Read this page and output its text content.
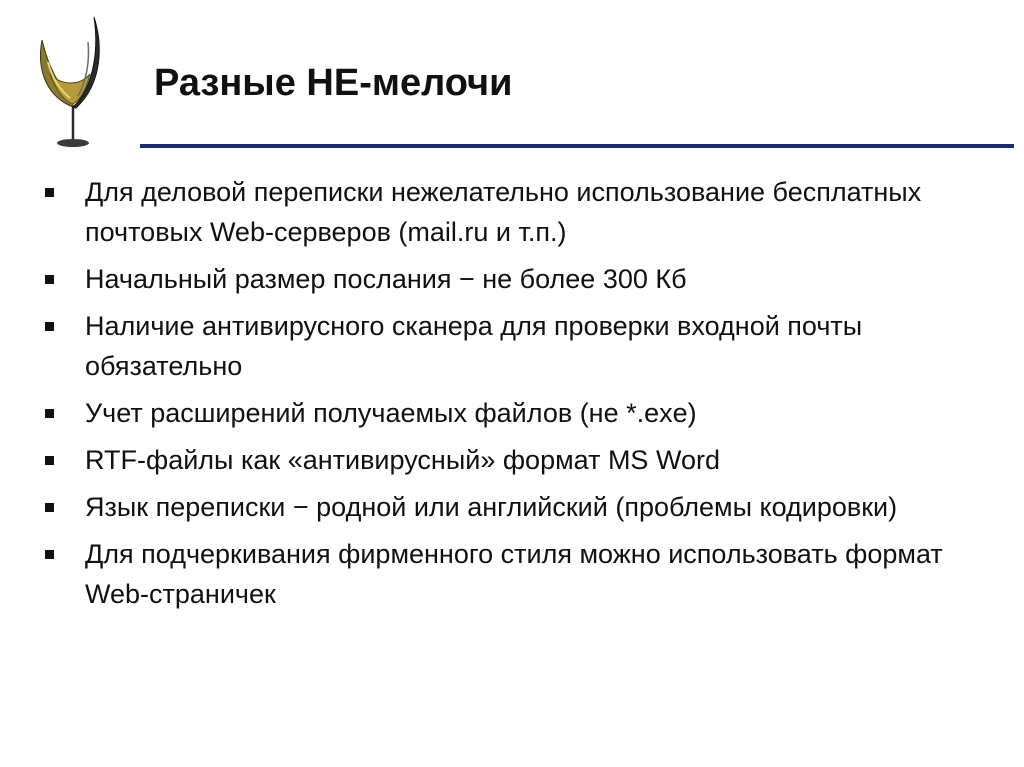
Разные НЕ-мелочи
Для деловой переписки нежелательно использование бесплатных почтовых Web-серверов (mail.ru и т.п.)
Начальный размер послания − не более 300 Кб
Наличие антивирусного сканера для проверки входной почты обязательно
Учет расширений получаемых файлов (не *.exe)
RTF-файлы как «антивирусный» формат MS Word
Язык переписки − родной или английский (проблемы кодировки)
Для подчеркивания фирменного стиля можно использовать формат Web-страничек
